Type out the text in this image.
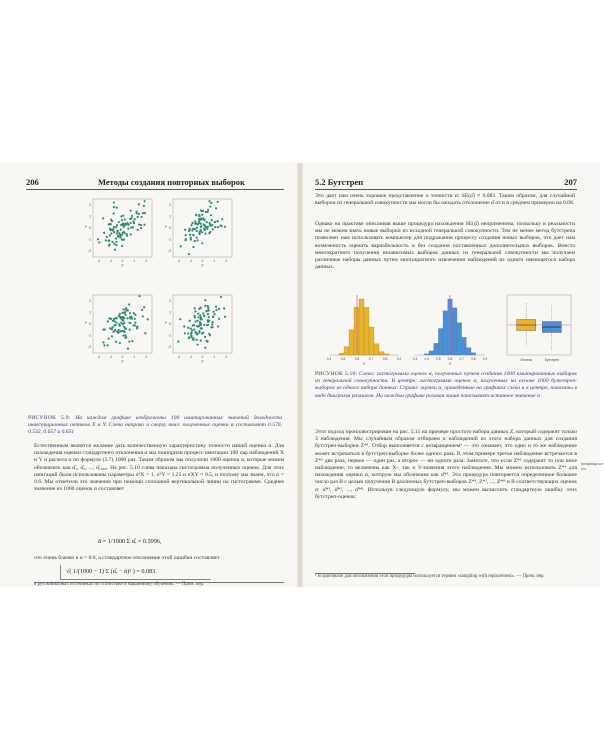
206	Методы создания повторных выборок
-2	-1	0	1	2
-2
-1
0
1
2
X
Y
-2	-1	0	1	2
-2
-1
0
1
2
X
Y
-2	-1	0	1	2
-2
-1
0
1
2
X
Y
-2	-1	0	1	2
-2
-1
0
1
2
X
Y
РИСУНОК 5.9: На каждом графике изображены 100 имитированных значений доходности инвестиционных активов X и Y. Слева направо и сверху вниз: полученные оценки α составляют 0.576, 0.532, 0.657 и 0.651
Естественным является желание дать количественную характеристику точности нашей оценки α. Для нахождения оценки стандартного отклонения α мы повторили процесс имитации 100 пар наблюдений X и Y и расчета α по формуле (5.7) 1000 раз. Таким образом мы получили 1000 оценок α, которые можем обозначить как α̂₁, α̂₂, ..., α̂₁₀₀₀. На рис. 5.10 слева показана гистограмма полученных оценок. Для этих имитаций были использованы параметры σ²X = 1, σ²Y = 1.25 и σXY = 0.5, и поэтому мы знаем, что α = 0.6. Мы отметили это значение при помощи сплошной вертикальной линии на гистограмме. Среднее значение из 1000 оценок α составляет
ᾱ = 1/1000 Σ α̂ᵣ = 0.5996,
что очень близко к α = 0.6, а стандартное отклонение этой ошибки составляет
√( 1/(1000 − 1) Σ (α̂ᵣ − ᾱ)² ) = 0.083.
в русскоязычных источниках по статистике и машинному обучению. — Прим. пер.
5.2 Бутстреп	207
Это дает нам очень хорошее представление о точности α: SE(α̂) ≈ 0.083. Таким образом, для случайной выборки из генеральной совокупности мы могли бы ожидать отклонение α̂ от α в среднем примерно на 0.08.
Однако на практике описанная выше процедура нахождения SE(α̂) неприменима, поскольку в реальности мы не можем взять новые выборки из исходной генеральной совокупности. Тем не менее метод бутстрепа позволяет нам использовать компьютер для подражания процессу создания новых выборок, что дает нам возможность оценить вариабельность α без создания поставленных дополнительных выборок. Вместо многократного получения независимых выборок данных из генеральной совокупности мы получаем различные наборы данных путем многократного извлечения наблюдений из одного имеющегося набора данных.
0.4	0.5	0.6	0.7	0.8	0.9
α
0.3 0.4 0.5 0.6 0.7 0.8 0.9
α
Истина	Бутстреп
РИСУНОК 5.10: Слева: гистограмма оценок α, полученных путем создания 1000 имитированных выборок из генеральной совокупности. В центре: гистограмма оценок α, полученных на основе 1000 бутстреп-выборок из одного набора данных. Справа: оценки α, приведенные на графиках слева и в центре, показаны в виде диаграмм размахов. На каждом графике розовая линия показывает истинное значение α
Этот подход проиллюстрирован на рис. 5.11 на примере простого набора данных Z, который содержит только 3 наблюдения. Мы случайным образом отбираем n наблюдений из этого набора данных для создания бутстреп-выборки Z*¹. Отбор выполняется с возвращением¹ — это означает, что одно и то же наблюдение может встречаться в бутстреп-выборке более одного раза. В этом примере третье наблюдение встречается в Z*¹ два раза, первое — один раз, а второе — ни одного раза. Заметьте, что если Z*¹ содержит то или иное наблюдение, то включены как X-, так и Y-значения этого наблюдения. Мы можем использовать Z*¹ для нахождения оценки α, которую мы обозначим как α̂*¹. Эта процедура повторяется определенное большое число раз B с целью получения B различных бутстреп-выборок Z*¹, Z*², ..., Z*ᴮ и B соответствующих оценок α: α̂*¹, α̂*², ..., α̂*ᴮ. Используя следующую формулу, мы можем вычислить стандартную ошибку этих бутстреп-оценок:
возвращени-
ем
¹ В оригинале для обозначения этой процедуры используется термин «sampling with replacement». — Прим. пер.
